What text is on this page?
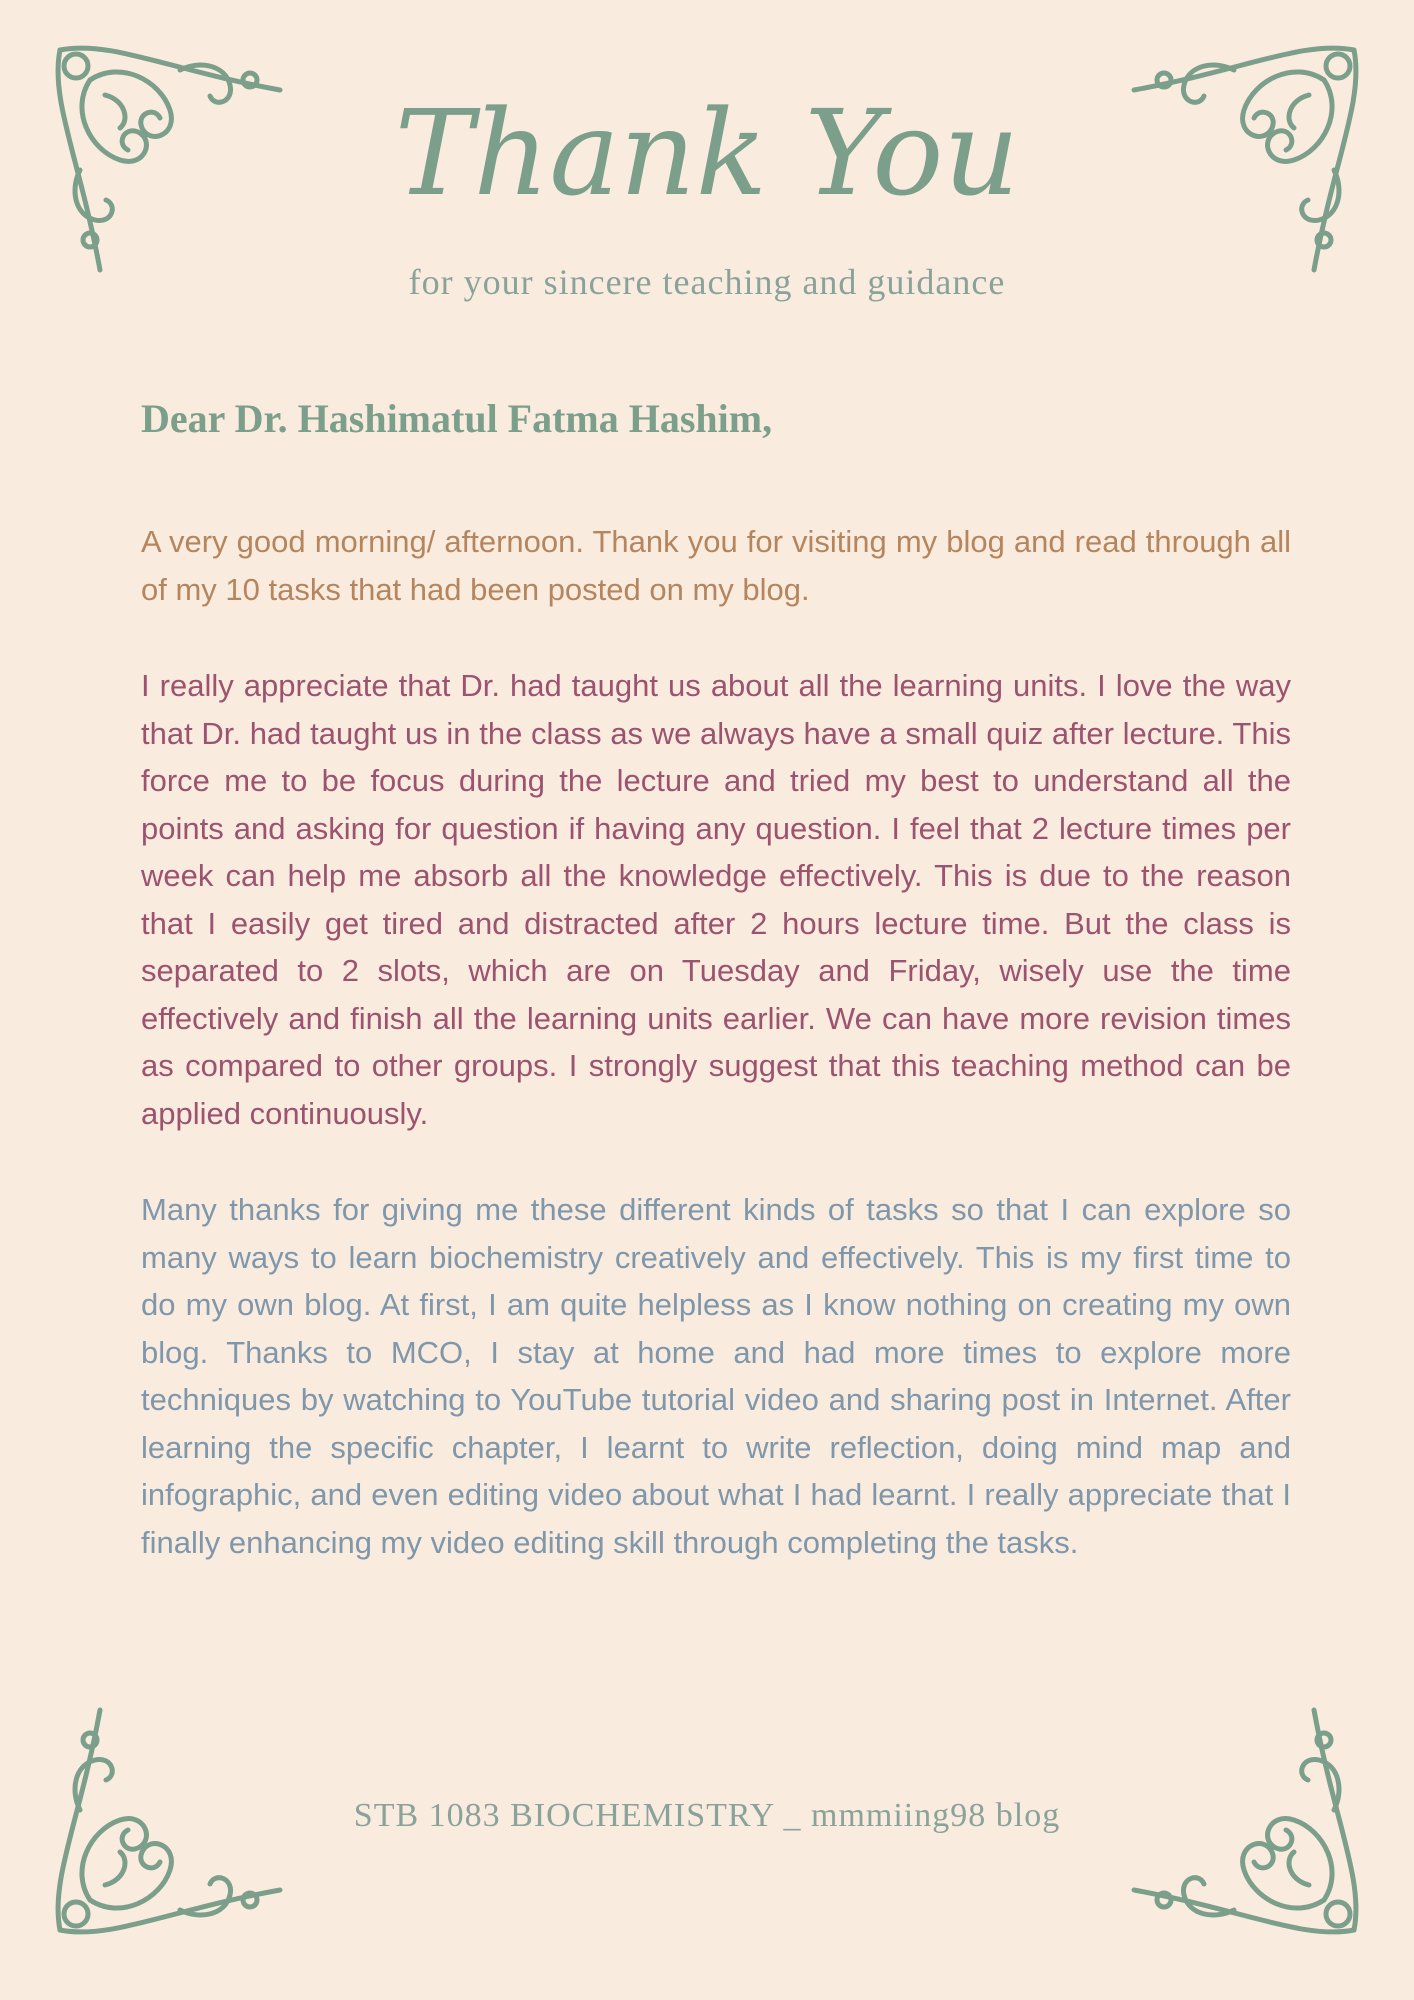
Thank You
for your sincere teaching and guidance
Dear Dr. Hashimatul Fatma Hashim,

A very good morning/ afternoon. Thank you for visiting my blog and read through all of my 10 tasks that had been posted on my blog.

I really appreciate that Dr. had taught us about all the learning units. I love the way that Dr. had taught us in the class as we always have a small quiz after lecture. This force me to be focus during the lecture and tried my best to understand all the points and asking for question if having any question. I feel that 2 lecture times per week can help me absorb all the knowledge effectively. This is due to the reason that I easily get tired and distracted after 2 hours lecture time. But the class is separated to 2 slots, which are on Tuesday and Friday, wisely use the time effectively and finish all the learning units earlier. We can have more revision times as compared to other groups. I strongly suggest that this teaching method can be applied continuously.

Many thanks for giving me these different kinds of tasks so that I can explore so many ways to learn biochemistry creatively and effectively. This is my first time to do my own blog. At first, I am quite helpless as I know nothing on creating my own blog. Thanks to MCO, I stay at home and had more times to explore more techniques by watching to YouTube tutorial video and sharing post in Internet. After learning the specific chapter, I learnt to write reflection, doing mind map and infographic, and even editing video about what I had learnt. I really appreciate that I finally enhancing my video editing skill through completing the tasks.

STB 1083 BIOCHEMISTRY _ mmmiing98 blog
